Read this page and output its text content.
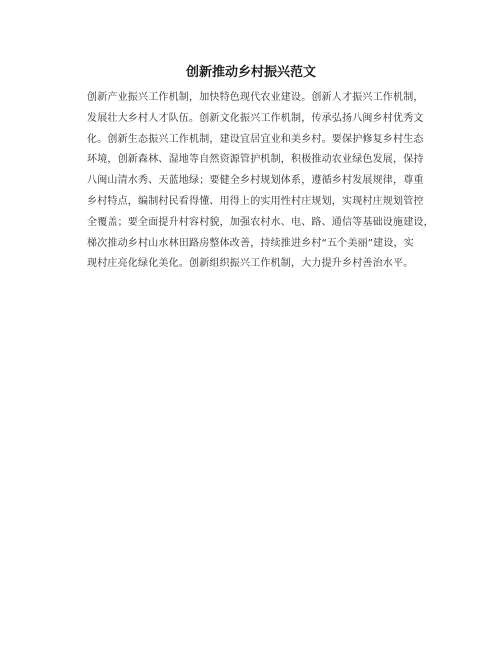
创新推动乡村振兴范文
创新产业振兴工作机制，加快特色现代农业建设。创新人才振兴工作机制，
发展壮大乡村人才队伍。创新文化振兴工作机制，传承弘扬八闽乡村优秀文
化。创新生态振兴工作机制，建设宜居宜业和美乡村。要保护修复乡村生态
环境，创新森林、湿地等自然资源管护机制，积极推动农业绿色发展，保持
八闽山清水秀、天蓝地绿；要健全乡村规划体系，遵循乡村发展规律，尊重
乡村特点，编制村民看得懂、用得上的实用性村庄规划，实现村庄规划管控
全覆盖；要全面提升村容村貌，加强农村水、电、路、通信等基础设施建设，
梯次推动乡村山水林田路房整体改善，持续推进乡村“五个美丽”建设，实
现村庄亮化绿化美化。创新组织振兴工作机制，大力提升乡村善治水平。
